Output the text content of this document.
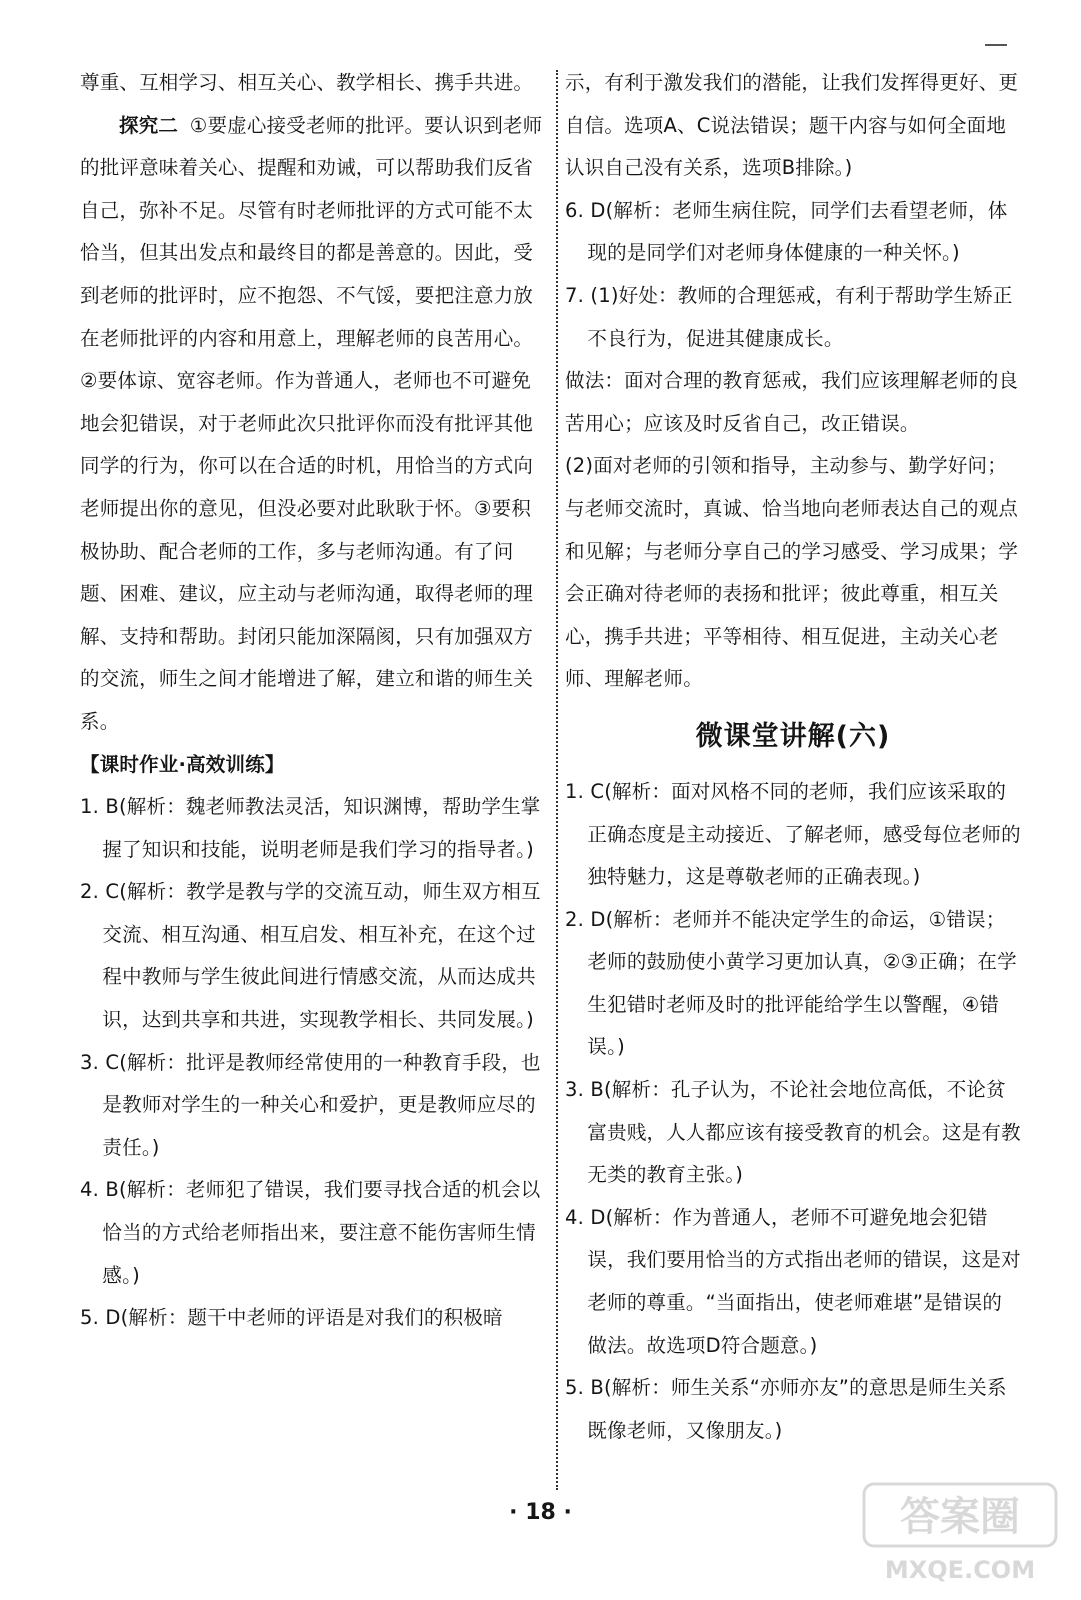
尊重、互相学习、相互关心、教学相长、携手共进。

探究二 ①要虚心接受老师的批评。要认识到老师的批评意味着关心、提醒和劝诫，可以帮助我们反省自己，弥补不足。尽管有时老师批评的方式可能不太恰当，但其出发点和最终目的都是善意的。因此，受到老师的批评时，应不抱怨、不气馁，要把注意力放在老师批评的内容和用意上，理解老师的良苦用心。②要体谅、宽容老师。作为普通人，老师也不可避免地会犯错误，对于老师此次只批评你而没有批评其他同学的行为，你可以在合适的时机，用恰当的方式向老师提出你的意见，但没必要对此耿耿于怀。③要积极协助、配合老师的工作，多与老师沟通。有了问题、困难、建议，应主动与老师沟通，取得老师的理解、支持和帮助。封闭只能加深隔阂，只有加强双方的交流，师生之间才能增进了解，建立和谐的师生关系。

【课时作业·高效训练】

1. B(解析：魏老师教法灵活，知识渊博，帮助学生掌握了知识和技能，说明老师是我们学习的指导者。)

2. C(解析：教学是教与学的交流互动，师生双方相互交流、相互沟通、相互启发、相互补充，在这个过程中教师与学生彼此间进行情感交流，从而达成共识，达到共享和共进，实现教学相长、共同发展。)

3. C(解析：批评是教师经常使用的一种教育手段，也是教师对学生的一种关心和爱护，更是教师应尽的责任。)

4. B(解析：老师犯了错误，我们要寻找合适的机会以恰当的方式给老师指出来，要注意不能伤害师生情感。)

5. D(解析：题干中老师的评语是对我们的积极暗

示，有利于激发我们的潜能，让我们发挥得更好、更自信。选项A、C说法错误；题干内容与如何全面地认识自己没有关系，选项B排除。)

6. D(解析：老师生病住院，同学们去看望老师，体现的是同学们对老师身体健康的一种关怀。)

7. (1)好处：教师的合理惩戒，有利于帮助学生矫正不良行为，促进其健康成长。

做法：面对合理的教育惩戒，我们应该理解老师的良苦用心；应该及时反省自己，改正错误。

(2)面对老师的引领和指导，主动参与、勤学好问；与老师交流时，真诚、恰当地向老师表达自己的观点和见解；与老师分享自己的学习感受、学习成果；学会正确对待老师的表扬和批评；彼此尊重，相互关心，携手共进；平等相待、相互促进，主动关心老师、理解老师。

微课堂讲解(六)

1. C(解析：面对风格不同的老师，我们应该采取的正确态度是主动接近、了解老师，感受每位老师的独特魅力，这是尊敬老师的正确表现。)

2. D(解析：老师并不能决定学生的命运，①错误；老师的鼓励使小黄学习更加认真，②③正确；在学生犯错时老师及时的批评能给学生以警醒，④错误。)

3. B(解析：孔子认为，不论社会地位高低，不论贫富贵贱，人人都应该有接受教育的机会。这是有教无类的教育主张。)

4. D(解析：作为普通人，老师不可避免地会犯错误，我们要用恰当的方式指出老师的错误，这是对老师的尊重。“当面指出，使老师难堪”是错误的做法。故选项D符合题意。)

5. B(解析：师生关系“亦师亦友”的意思是师生关系既像老师，又像朋友。)

· 18 ·	答案圈
MXQE.COM
